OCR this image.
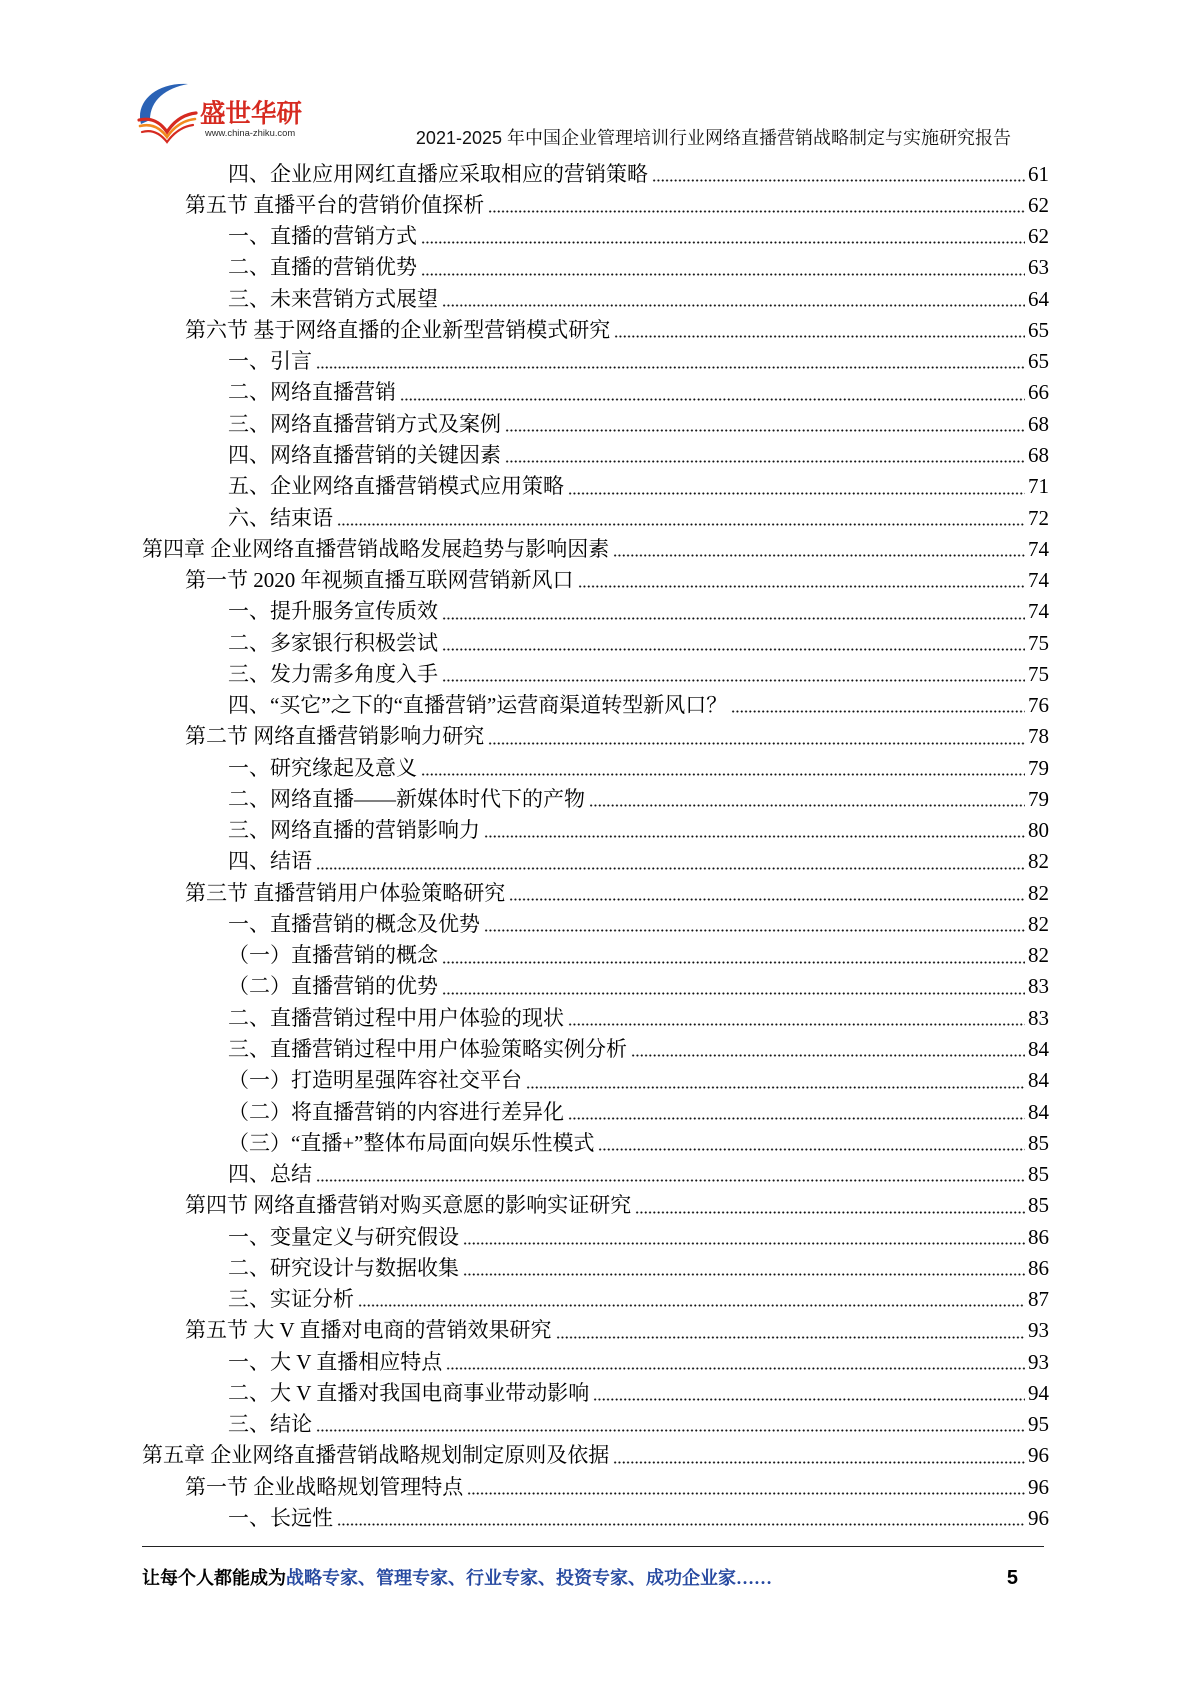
盛世华研
www.china-zhiku.com	2021-2025 年中国企业管理培训行业网络直播营销战略制定与实施研究报告
四、企业应用网红直播应采取相应的营销策略	61
第五节 直播平台的营销价值探析	62
一、直播的营销方式	62
二、直播的营销优势	63
三、未来营销方式展望	64
第六节 基于网络直播的企业新型营销模式研究	65
一、引言	65
二、网络直播营销	66
三、网络直播营销方式及案例	68
四、网络直播营销的关键因素	68
五、企业网络直播营销模式应用策略	71
六、结束语	72
第四章 企业网络直播营销战略发展趋势与影响因素	74
第一节 2020 年视频直播互联网营销新风口	74
一、提升服务宣传质效	74
二、多家银行积极尝试	75
三、发力需多角度入手	75
四、“买它”之下的“直播营销”运营商渠道转型新风口？	76
第二节 网络直播营销影响力研究	78
一、研究缘起及意义	79
二、网络直播——新媒体时代下的产物	79
三、网络直播的营销影响力	80
四、结语	82
第三节 直播营销用户体验策略研究	82
一、直播营销的概念及优势	82
（一）直播营销的概念	82
（二）直播营销的优势	83
二、直播营销过程中用户体验的现状	83
三、直播营销过程中用户体验策略实例分析	84
（一）打造明星强阵容社交平台	84
（二）将直播营销的内容进行差异化	84
（三）“直播+”整体布局面向娱乐性模式	85
四、总结	85
第四节 网络直播营销对购买意愿的影响实证研究	85
一、变量定义与研究假设	86
二、研究设计与数据收集	86
三、实证分析	87
第五节 大 V 直播对电商的营销效果研究	93
一、大 V 直播相应特点	93
二、大 V 直播对我国电商事业带动影响	94
三、结论	95
第五章 企业网络直播营销战略规划制定原则及依据	96
第一节 企业战略规划管理特点	96
一、长远性	96
让每个人都能成为战略专家、管理专家、行业专家、投资专家、成功企业家……	5
